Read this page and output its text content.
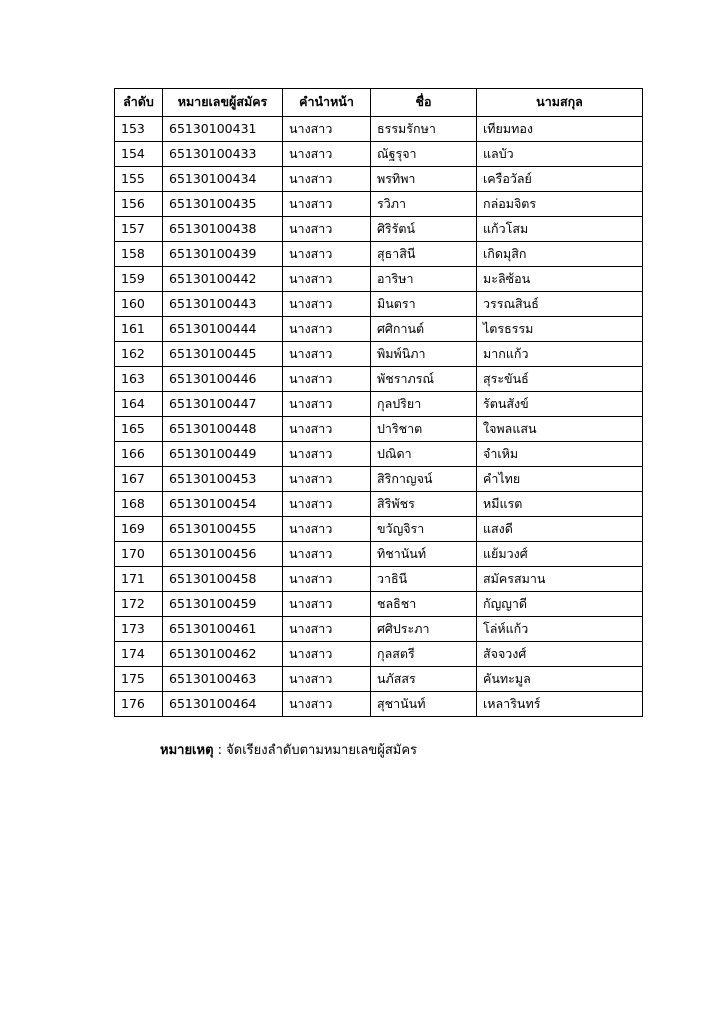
ลำดับ	หมายเลขผู้สมัคร	คำนำหน้า	ชื่อ	นามสกุล
153	65130100431	นางสาว	ธรรมรักษา	เทียมทอง
154	65130100433	นางสาว	ณัฐรุจา	แลบัว
155	65130100434	นางสาว	พรทิพา	เครือวัลย์
156	65130100435	นางสาว	รวิภา	กล่อมจิตร
157	65130100438	นางสาว	ศิริรัตน์	แก้วโสม
158	65130100439	นางสาว	สุธาสินี	เกิดมุสิก
159	65130100442	นางสาว	อาริษา	มะลิซ้อน
160	65130100443	นางสาว	มินตรา	วรรณสินธ์
161	65130100444	นางสาว	ศศิกานต์	ไตรธรรม
162	65130100445	นางสาว	พิมพ์นิภา	มากแก้ว
163	65130100446	นางสาว	พัชราภรณ์	สุระขันธ์
164	65130100447	นางสาว	กุลปริยา	รัตนสังข์
165	65130100448	นางสาว	ปาริชาต	ใจพลแสน
166	65130100449	นางสาว	ปณิดา	จำเหิม
167	65130100453	นางสาว	สิริกาญจน์	คำไทย
168	65130100454	นางสาว	สิริพัชร	หมีแรต
169	65130100455	นางสาว	ขวัญจิรา	แสงดี
170	65130100456	นางสาว	ทิชานันท์	แย้มวงศ์
171	65130100458	นางสาว	วาธินี	สมัครสมาน
172	65130100459	นางสาว	ชลธิชา	กัญญาดี
173	65130100461	นางสาว	ศศิประภา	โล่ห์แก้ว
174	65130100462	นางสาว	กุลสตรี	สัจจวงศ์
175	65130100463	นางสาว	นภัสสร	คันทะมูล
176	65130100464	นางสาว	สุชานันท์	เหลารินทร์
หมายเหตุ : จัดเรียงลำดับตามหมายเลขผู้สมัคร
